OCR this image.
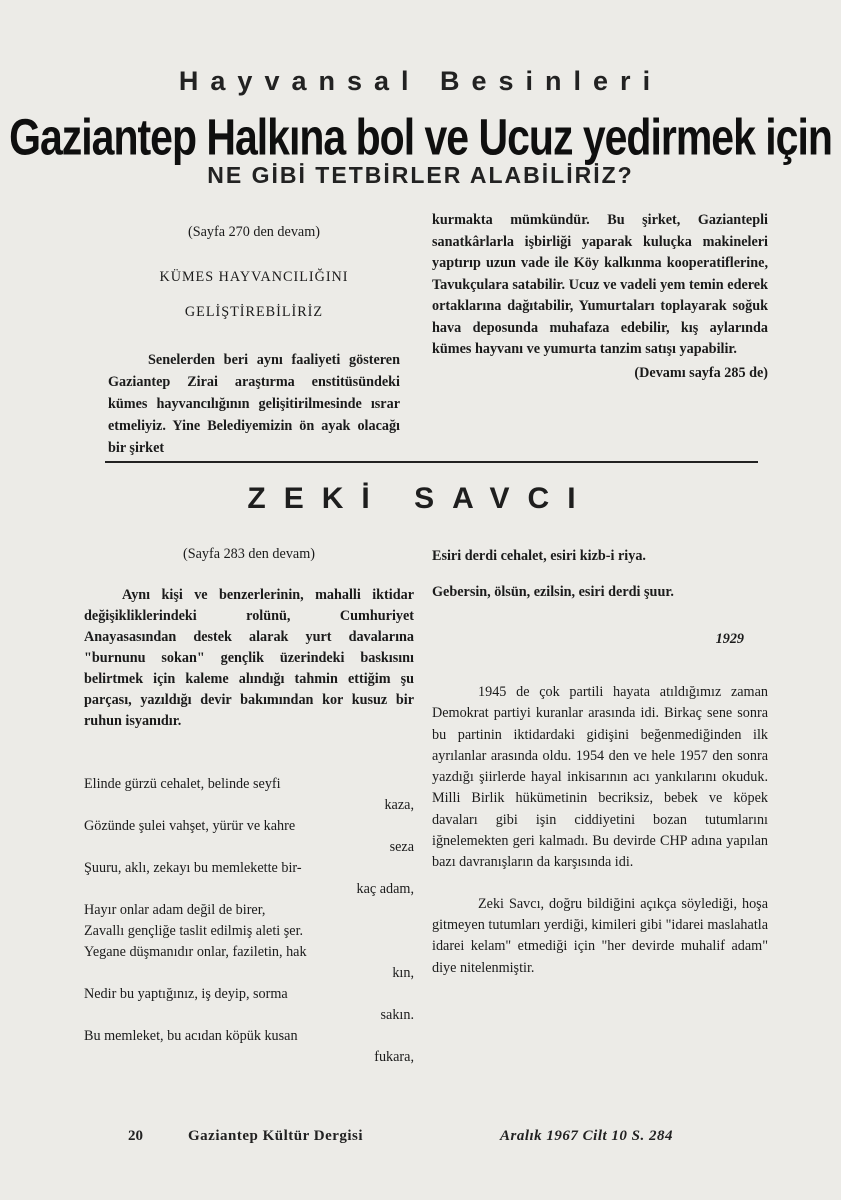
Hayvansal Besinleri
Gaziantep Halkına bol ve Ucuz yedirmek için
NE GİBİ TETBİRLER ALABİLİRİZ?

(Sayfa 270 den devam)

KÜMES HAYVANCILIĞINI

GELİŞTİREBİLİRİZ

Senelerden beri aynı faaliyeti gösteren Gaziantep Zirai araştırma enstitüsündeki kümes hayvancılığının gelişitirilmesinde ısrar etmeliyiz. Yine Belediyemizin ön ayak olacağı bir şirket

kurmakta mümkündür. Bu şirket, Gaziantepli sanatkârlarla işbirliği yaparak kuluçka makineleri yaptırıp uzun vade ile Köy kalkınma kooperatiflerine, Tavukçulara satabilir. Ucuz ve vadeli yem temin ederek ortaklarına dağıtabilir, Yumurtaları toplayarak soğuk hava deposunda muhafaza edebilir, kış aylarında kümes hayvanı ve yumurta tanzim satışı yapabilir.

(Devamı sayfa 285 de)

ZEKİ SAVCI

(Sayfa 283 den devam)

Aynı kişi ve benzerlerinin, mahalli iktidar değişikliklerindeki rolünü, Cumhuriyet Anayasasından destek alarak yurt davalarına "burnunu sokan" gençlik üzerindeki baskısını belirtmek için kaleme alındığı tahmin ettiğim şu parçası, yazıldığı devir bakımından kor kusuz bir ruhun isyanıdır.

Elinde gürzü cehalet, belinde seyfi
kaza,
Gözünde şulei vahşet, yürür ve kahre
seza
Şuuru, aklı, zekayı bu memlekette bir-
kaç adam,
Hayır onlar adam değil de birer,
Zavallı gençliğe taslit edilmiş aleti şer.
Yegane düşmanıdır onlar, faziletin, hak
kın,
Nedir bu yaptığınız, iş deyip, sorma
sakın.
Bu memleket, bu acıdan köpük kusan
fukara,

Esiri derdi cehalet, esiri kizb-i riya.

Gebersin, ölsün, ezilsin, esiri derdi şuur.

1929

1945 de çok partili hayata atıldığımız zaman Demokrat partiyi kuranlar arasında idi. Birkaç sene sonra bu partinin iktidardaki gidişini beğenmediğinden ilk ayrılanlar arasında oldu. 1954 den ve hele 1957 den sonra yazdığı şiirlerde hayal inkisarının acı yankılarını okuduk. Milli Birlik hükümetinin becriksiz, bebek ve köpek davaları gibi işin ciddiyetini bozan tutumlarını iğnelemekten geri kalmadı. Bu devirde CHP adına yapılan bazı davranışların da karşısında idi.

Zeki Savcı, doğru bildiğini açıkça söylediği, hoşa gitmeyen tutumları yerdiği, kimileri gibi "idarei maslahatla idarei kelam" etmediği için "her devirde muhalif adam" diye nitelenmiştir.

20	Gaziantep Kültür Dergisi	Aralık 1967 Cilt 10 S. 284
